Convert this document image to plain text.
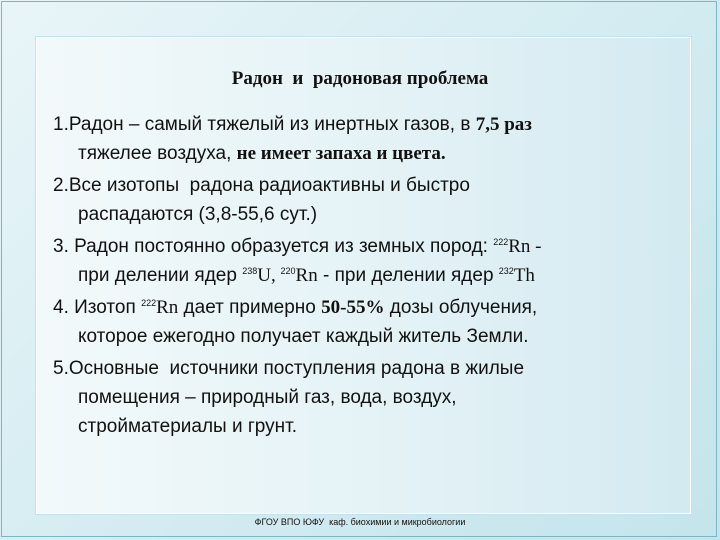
Радон  и  радоновая проблема
1.Радон – самый тяжелый из инертных газов, в 7,5 раз
тяжелее воздуха, не имеет запаха и цвета.
2.Все изотопы  радона радиоактивны и быстро
распадаются (3,8-55,6 сут.)
3. Радон постоянно образуется из земных пород: $^{222}$Rn -
при делении ядер $^{238}$U, $^{220}$Rn - при делении ядер $^{232}$Th
4. Изотоп $^{222}$Rn дает примерно 50-55% дозы облучения,
которое ежегодно получает каждый житель Земли.
5.Основные  источники поступления радона в жилые
помещения – природный газ, вода, воздух,
стройматериалы и грунт.
ФГОУ ВПО ЮФУ  каф. биохимии и микробиологии
